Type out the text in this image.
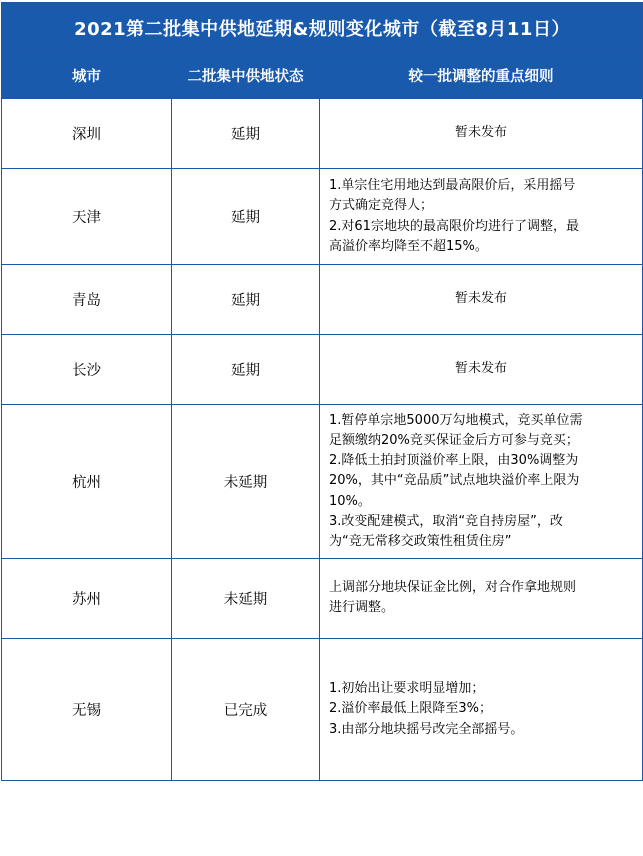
2021第二批集中供地延期&规则变化城市（截至8月11日）		
城市	二批集中供地状态	较一批调整的重点细则
深圳	延期	暂未发布

天津	延期	1.单宗住宅用地达到最高限价后，采用摇号
方式确定竞得人；
2.对61宗地块的最高限价均进行了调整，最
高溢价率均降至不超15%。

青岛	延期	暂未发布

长沙	延期	暂未发布

杭州	未延期	
1.暂停单宗地5000万勾地模式，竞买单位需
足额缴纳20%竞买保证金后方可参与竞买；
2.降低土拍封顶溢价率上限，由30%调整为
20%，其中“竞品质”试点地块溢价率上限为
10%。
3.改变配建模式，取消“竞自持房屋”，改
为“竞无常移交政策性租赁住房”

苏州	未延期	上调部分地块保证金比例，对合作拿地规则
进行调整。

无锡	已完成	1.初始出让要求明显增加；
2.溢价率最低上限降至3%；
3.由部分地块摇号改完全部摇号。
